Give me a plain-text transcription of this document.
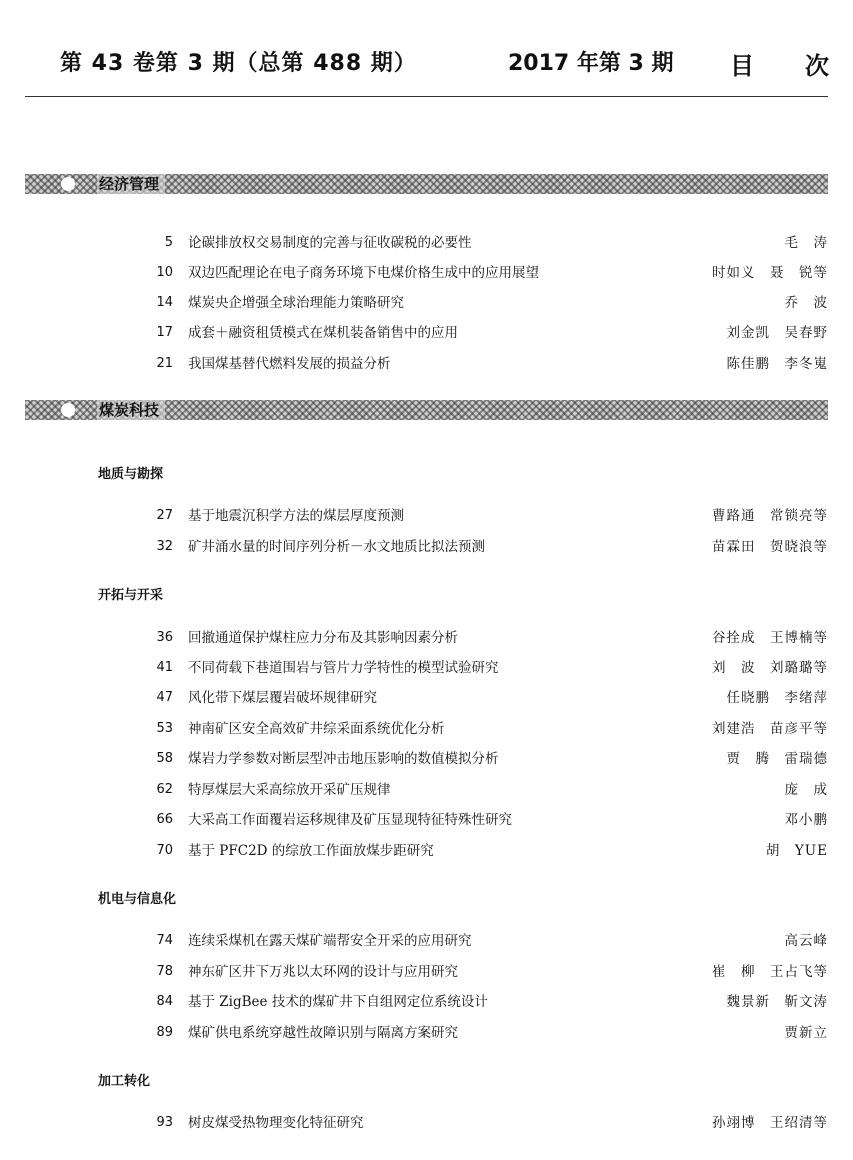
第 43 卷第 3 期（总第 488 期）	2017 年第 3 期 目 次
经济管理
5 论碳排放权交易制度的完善与征收碳税的必要性	毛　涛
10 双边匹配理论在电子商务环境下电煤价格生成中的应用展望	时如义　聂　锐等
14 煤炭央企增强全球治理能力策略研究	乔　波
17 成套＋融资租赁模式在煤机装备销售中的应用	刘金凯　吴春野
21 我国煤基替代燃料发展的损益分析	陈佳鹏　李冬嵬
煤炭科技
地质与勘探
27 基于地震沉积学方法的煤层厚度预测	曹路通　常锁亮等
32 矿井涌水量的时间序列分析－水文地质比拟法预测	苗霖田　贺晓浪等
开拓与开采
36 回撤通道保护煤柱应力分布及其影响因素分析	谷拴成　王博楠等
41 不同荷载下巷道围岩与管片力学特性的模型试验研究	刘　波　刘璐璐等
47 风化带下煤层覆岩破坏规律研究	任晓鹏　李绪萍
53 神南矿区安全高效矿井综采面系统优化分析	刘建浩　苗彦平等
58 煤岩力学参数对断层型冲击地压影响的数值模拟分析	贾　腾　雷瑞德
62 特厚煤层大采高综放开采矿压规律	庞　成
66 大采高工作面覆岩运移规律及矿压显现特征特殊性研究	邓小鹏
70 基于 PFC2D 的综放工作面放煤步距研究	胡　YUE
机电与信息化
74 连续采煤机在露天煤矿端帮安全开采的应用研究	高云峰
78 神东矿区井下万兆以太环网的设计与应用研究	崔　柳　王占飞等
84 基于 ZigBee 技术的煤矿井下自组网定位系统设计	魏景新　靳文涛
89 煤矿供电系统穿越性故障识别与隔离方案研究	贾新立
加工转化
93 树皮煤受热物理变化特征研究	孙翊博　王绍清等
